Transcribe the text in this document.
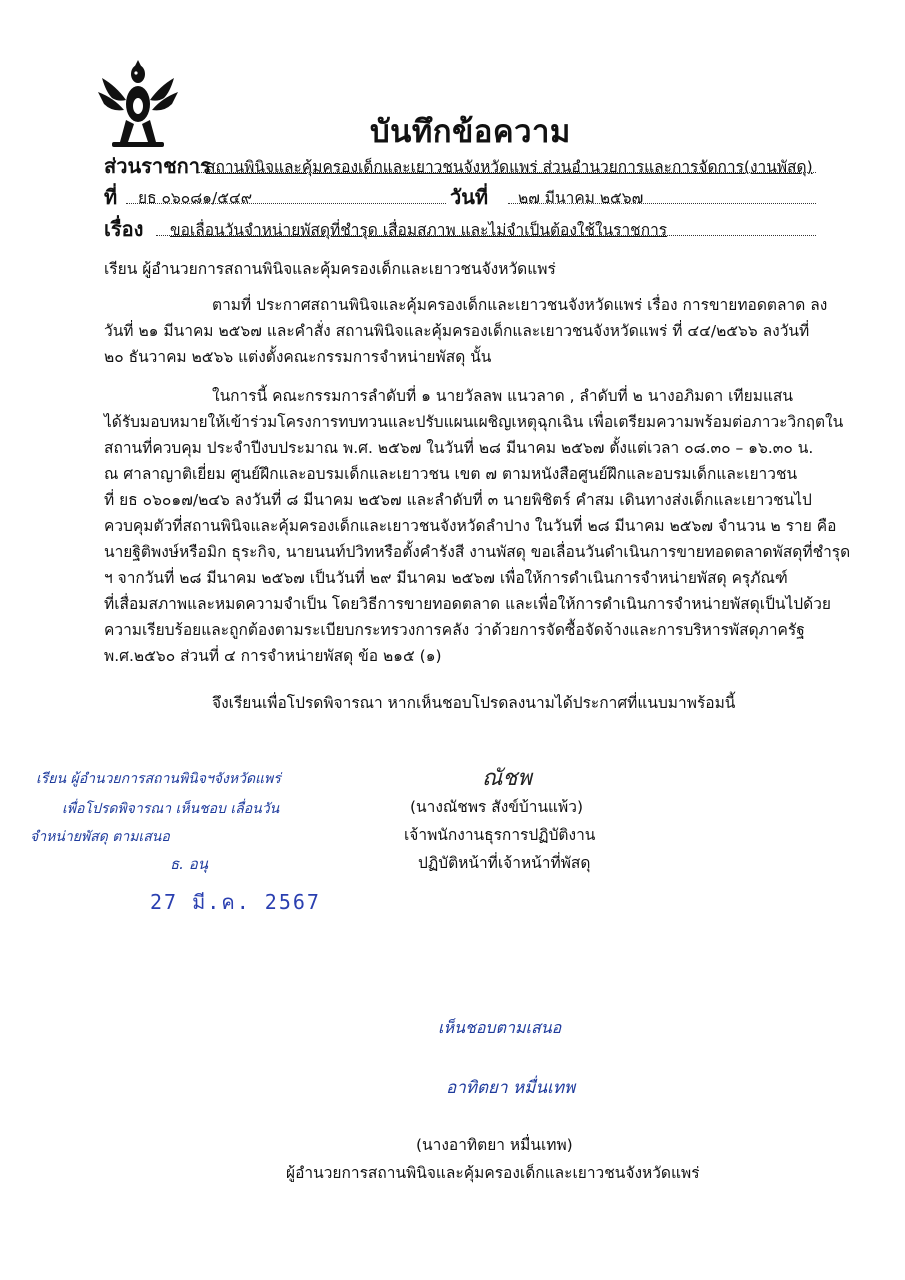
บันทึกข้อความ
ส่วนราชการ
สถานพินิจและคุ้มครองเด็กและเยาวชนจังหวัดแพร่ ส่วนอำนวยการและการจัดการ(งานพัสดุ)
ที่ ยธ ๐๖๐๘๑/๕๔๙	วันที่ ๒๗ มีนาคม ๒๕๖๗
เรื่อง ขอเลื่อนวันจำหน่ายพัสดุที่ชำรุด เสื่อมสภาพ และไม่จำเป็นต้องใช้ในราชการ
เรียน ผู้อำนวยการสถานพินิจและคุ้มครองเด็กและเยาวชนจังหวัดแพร่
ตามที่ ประกาศสถานพินิจและคุ้มครองเด็กและเยาวชนจังหวัดแพร่ เรื่อง การขายทอดตลาด ลง
วันที่ ๒๑ มีนาคม ๒๕๖๗ และคำสั่ง สถานพินิจและคุ้มครองเด็กและเยาวชนจังหวัดแพร่ ที่ ๔๔/๒๕๖๖ ลงวันที่
๒๐ ธันวาคม ๒๕๖๖ แต่งตั้งคณะกรรมการจำหน่ายพัสดุ นั้น
ในการนี้ คณะกรรมการลำดับที่ ๑ นายวัลลพ แนวลาด , ลำดับที่ ๒ นางอภิมดา เทียมแสน
ได้รับมอบหมายให้เข้าร่วมโครงการทบทวนและปรับแผนเผชิญเหตุฉุกเฉิน เพื่อเตรียมความพร้อมต่อภาวะวิกฤตใน
สถานที่ควบคุม ประจำปีงบประมาณ พ.ศ. ๒๕๖๗ ในวันที่ ๒๘ มีนาคม ๒๕๖๗ ตั้งแต่เวลา ๐๘.๓๐ – ๑๖.๓๐ น.
ณ ศาลาญาติเยี่ยม ศูนย์ฝึกและอบรมเด็กและเยาวชน เขต ๗ ตามหนังสือศูนย์ฝึกและอบรมเด็กและเยาวชน
ที่ ยธ ๐๖๐๑๗/๒๔๖ ลงวันที่ ๘ มีนาคม ๒๕๖๗ และลำดับที่ ๓ นายพิชิตร์ คำสม เดินทางส่งเด็กและเยาวชนไป
ควบคุมตัวที่สถานพินิจและคุ้มครองเด็กและเยาวชนจังหวัดลำปาง ในวันที่ ๒๘ มีนาคม ๒๕๖๗ จำนวน ๒ ราย คือ
นายฐิติพงษ์หรือมิก ธุระกิจ, นายนนท์ปวิทหรือตั้งคำรังสี งานพัสดุ ขอเลื่อนวันดำเนินการขายทอดตลาดพัสดุที่ชำรุด
ฯ จากวันที่ ๒๘ มีนาคม ๒๕๖๗ เป็นวันที่ ๒๙ มีนาคม ๒๕๖๗ เพื่อให้การดำเนินการจำหน่ายพัสดุ ครุภัณฑ์
ที่เสื่อมสภาพและหมดความจำเป็น โดยวิธีการขายทอดตลาด และเพื่อให้การดำเนินการจำหน่ายพัสดุเป็นไปด้วย
ความเรียบร้อยและถูกต้องตามระเบียบกระทรวงการคลัง ว่าด้วยการจัดซื้อจัดจ้างและการบริหารพัสดุภาครัฐ
พ.ศ.๒๕๖๐ ส่วนที่ ๔ การจำหน่ายพัสดุ ข้อ ๒๑๕ (๑)
จึงเรียนเพื่อโปรดพิจารณา หากเห็นชอบโปรดลงนามได้ประกาศที่แนบมาพร้อมนี้
ณัชพ
(นางณัชพร สังข์บ้านแพ้ว)
เจ้าพนักงานธุรการปฏิบัติงาน
ปฏิบัติหน้าที่เจ้าหน้าที่พัสดุ
เรียน ผู้อำนวยการสถานพินิจฯจังหวัดแพร่
เพื่อโปรดพิจารณา เห็นชอบ เลื่อนวัน
จำหน่ายพัสดุ ตามเสนอ
ธ. อนุ
27 มี.ค. 2567
เห็นชอบตามเสนอ
อาทิตยา หมื่นเทพ
(นางอาทิตยา หมื่นเทพ)
ผู้อำนวยการสถานพินิจและคุ้มครองเด็กและเยาวชนจังหวัดแพร่
